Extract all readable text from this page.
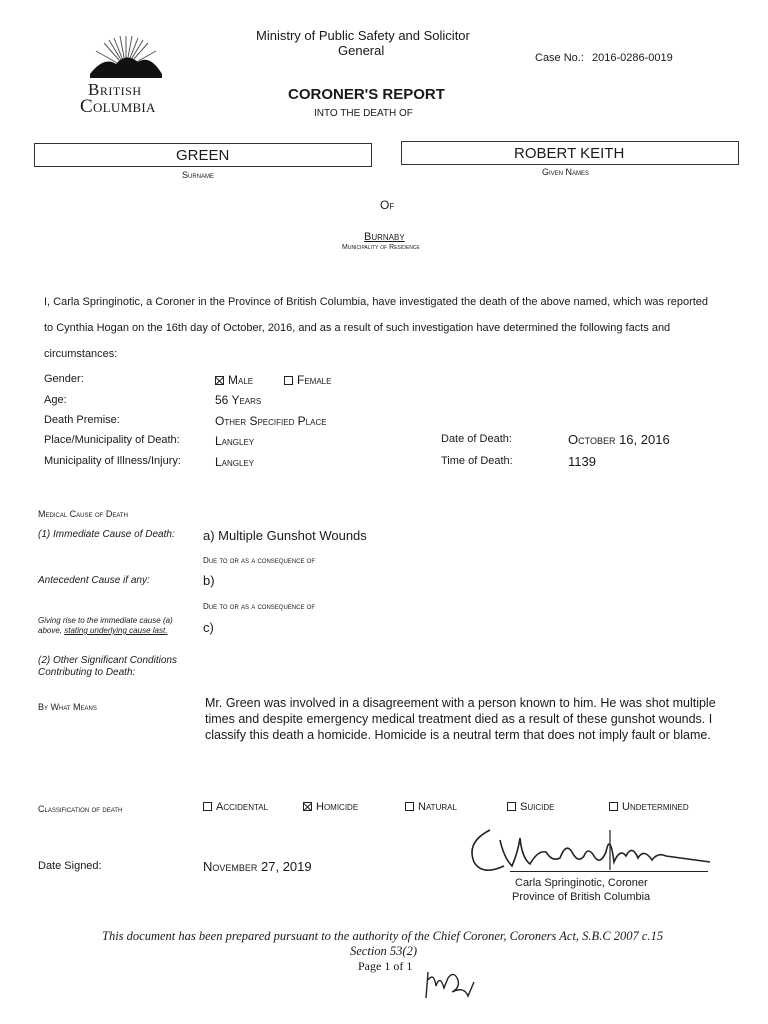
British
Columbia
Ministry of Public Safety and Solicitor
General	Case No.: 2016-0286-0019
CORONER'S REPORT
INTO THE DEATH OF
GREEN
Surname
ROBERT KEITH
Given Names
Of
Burnaby
Municipality of Residence
I, Carla Springinotic, a Coroner in the Province of British Columbia, have investigated the death of the above named, which was reported
to Cynthia Hogan on the 16th day of October, 2016, and as a result of such investigation have determined the following facts and
circumstances:
Gender:	Male	Female
Age:	56 Years
Death Premise:	Other Specified Place
Place/Municipality of Death:	Langley	Date of Death:	October 16, 2016
Municipality of Illness/Injury:	Langley	Time of Death:	1139
Medical Cause of Death
(1) Immediate Cause of Death: a) Multiple Gunshot Wounds
Due to or as a consequence of
Antecedent Cause if any:	b)
Due to or as a consequence of
Giving rise to the immediate cause (a)
above, stating underlying cause last.	c)
(2) Other Significant Conditions
Contributing to Death:
By What Means	Mr. Green was involved in a disagreement with a person known to him. He was shot multiple
times and despite emergency medical treatment died as a result of these gunshot wounds. I
classify this death a homicide. Homicide is a neutral term that does not imply fault or blame.
Classification of death	Accidental	Homicide	Natural	Suicide	Undetermined
Date Signed:	November 27, 2019
Carla Springinotic, Coroner
Province of British Columbia
This document has been prepared pursuant to the authority of the Chief Coroner, Coroners Act, S.B.C 2007 c.15
Section 53(2)
Page 1 of 1
